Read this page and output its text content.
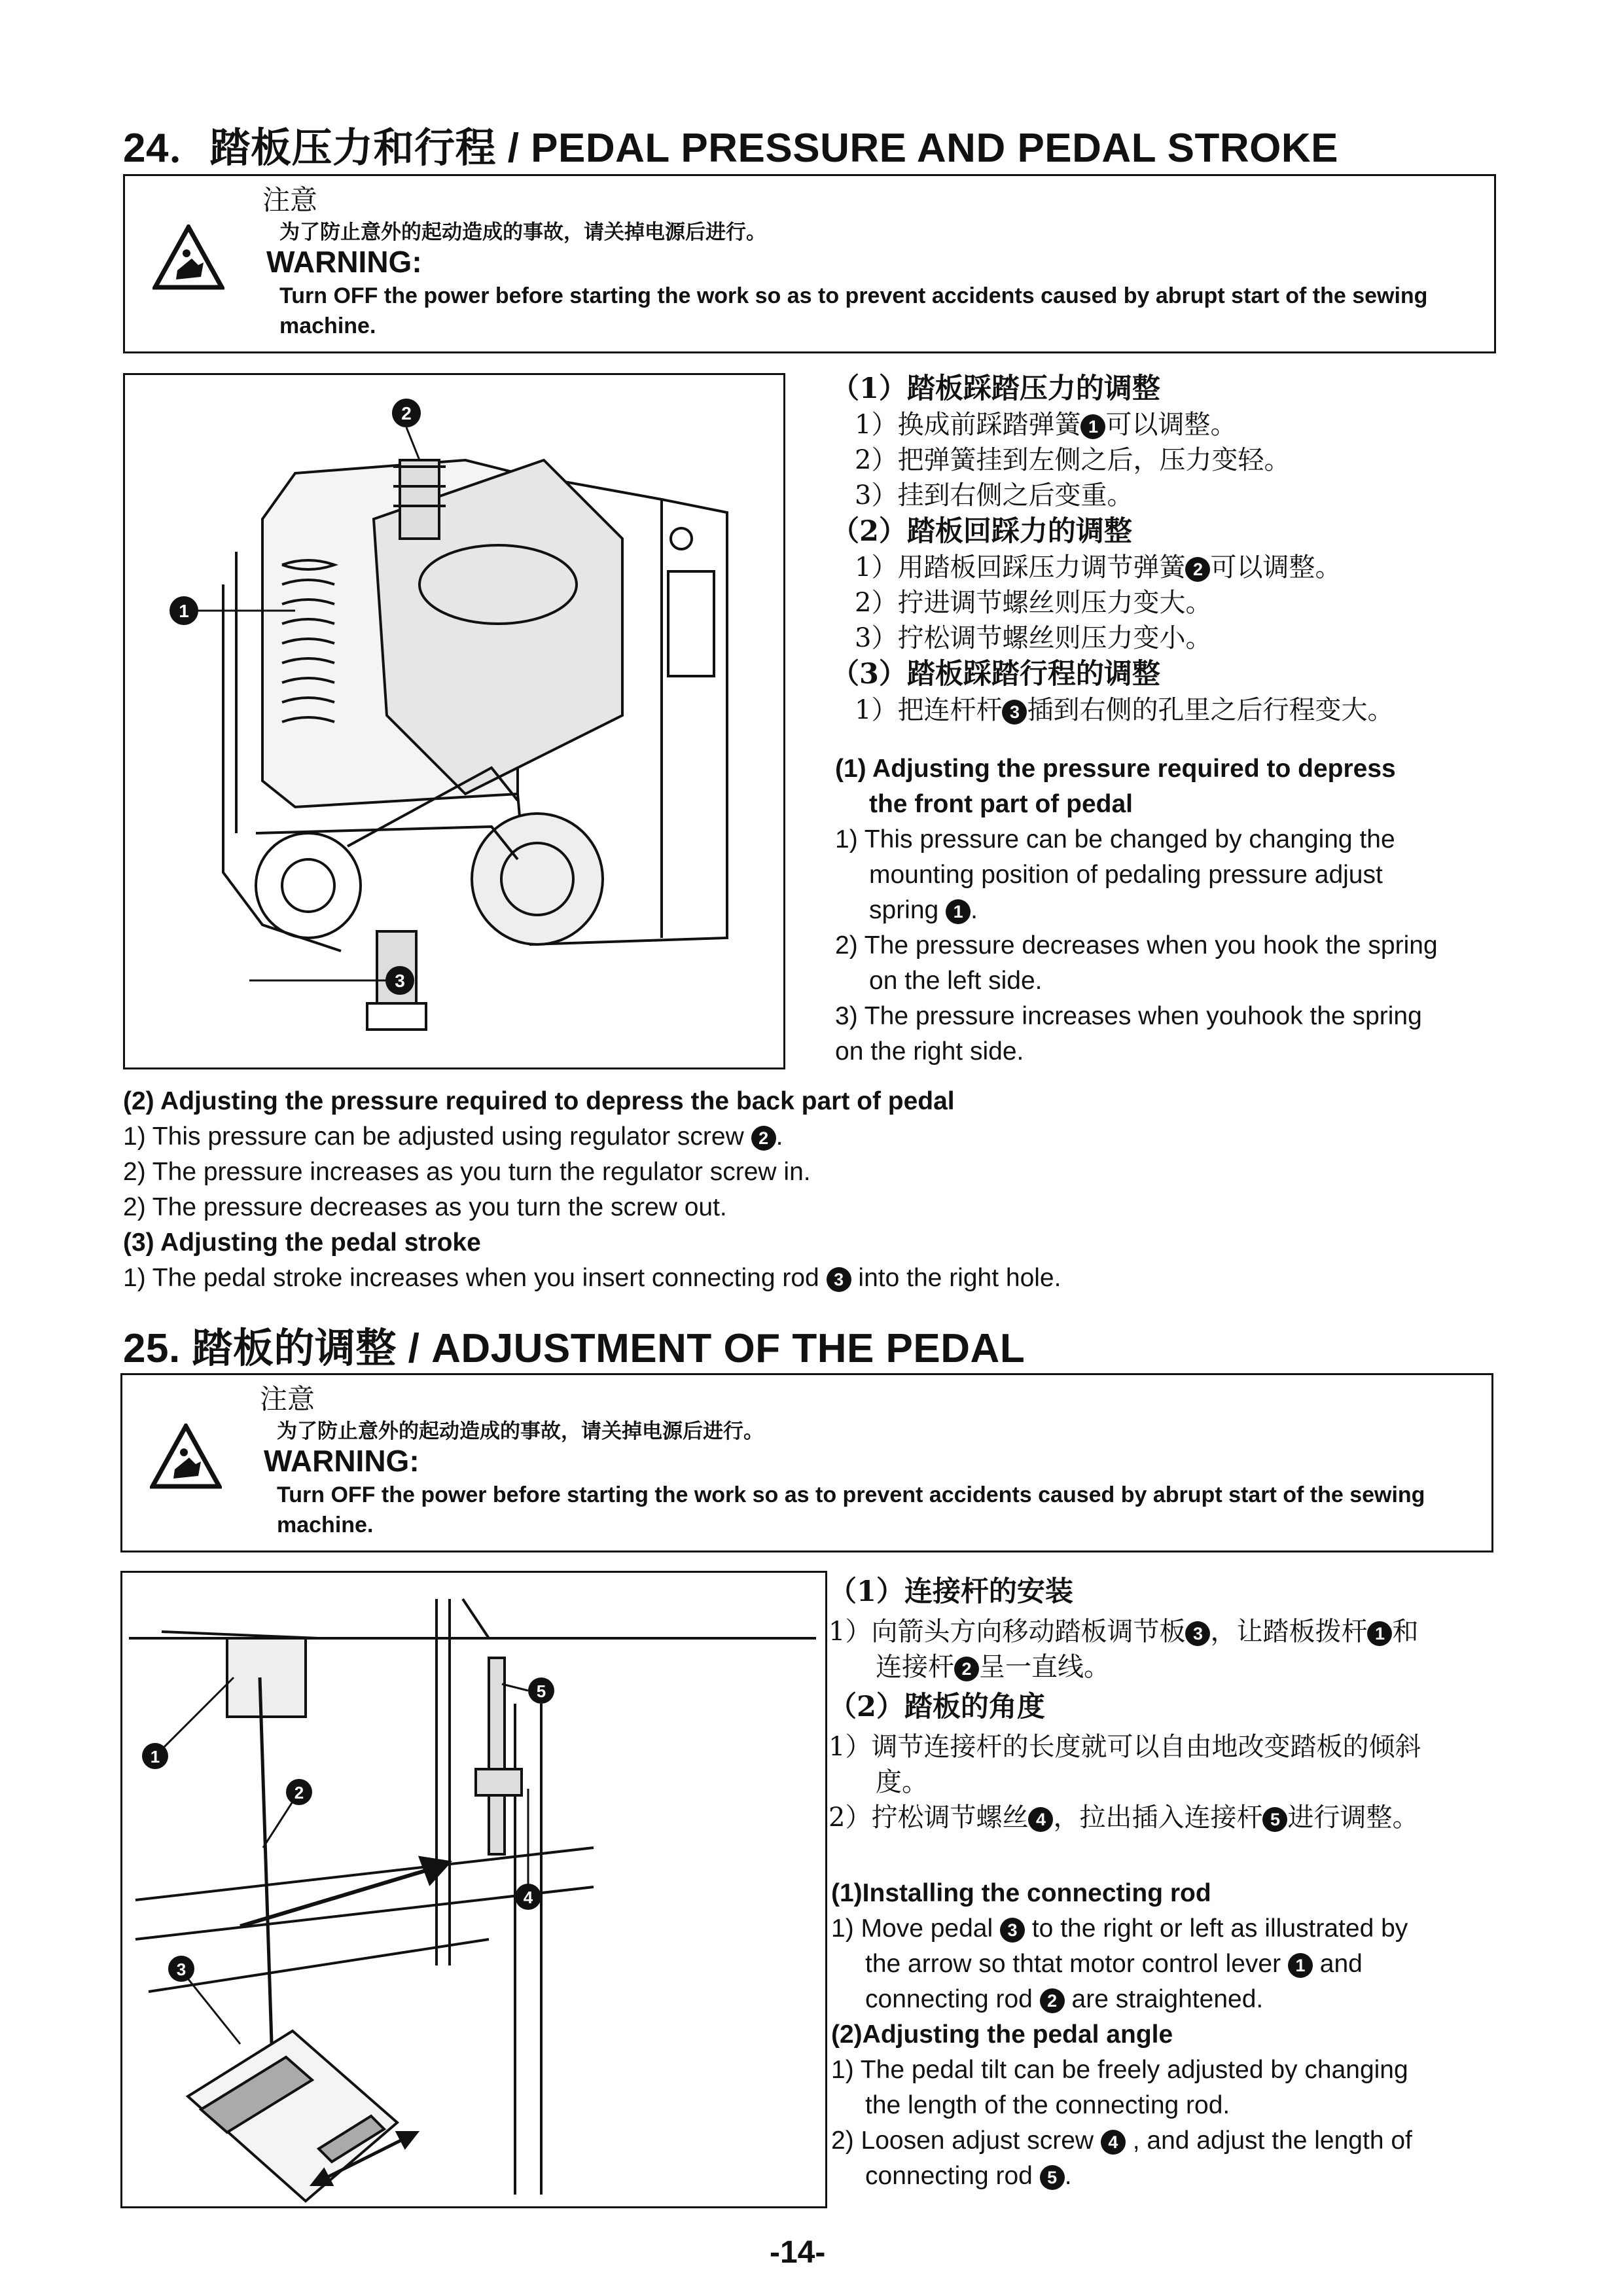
24．踏板压力和行程 / PEDAL PRESSURE AND PEDAL STROKE
注意
为了防止意外的起动造成的事故，请关掉电源后进行。
WARNING:
Turn OFF the power before starting the work so as to prevent accidents caused by abrupt start of the sewing machine.
1
2
3
（1）踏板踩踏压力的调整
1）换成前踩踏弹簧 1 可以调整。
2）把弹簧挂到左侧之后，压力变轻。
3）挂到右侧之后变重。
（2）踏板回踩力的调整
1）用踏板回踩压力调节弹簧 2 可以调整。
2）拧进调节螺丝则压力变大。
3）拧松调节螺丝则压力变小。
（3）踏板踩踏行程的调整
1）把连杆杆 3 插到右侧的孔里之后行程变大。
(1) Adjusting the pressure required to depress
the front part of pedal
1) This pressure can be changed by changing the
mounting position of pedaling pressure adjust
spring 1 .
2) The pressure decreases when you hook the spring
on the left side.
3) The pressure increases when youhook the spring
on the right side.
(2) Adjusting the pressure required to depress the back part of pedal
1) This pressure can be adjusted using regulator screw 2 .
2) The pressure increases as you turn the regulator screw in.
2) The pressure decreases as you turn the screw out.
(3) Adjusting the pedal stroke
1) The pedal stroke increases when you insert connecting rod 3 into the right hole.
25. 踏板的调整 / ADJUSTMENT OF THE PEDAL
注意
为了防止意外的起动造成的事故，请关掉电源后进行。
WARNING:
Turn OFF the power before starting the work so as to prevent accidents caused by abrupt start of the sewing machine.
1
2
3
4
5
（1）连接杆的安装
1）向箭头方向移动踏板调节板 3 ，让踏板拨杆 1 和
连接杆 2 呈一直线。
（2）踏板的角度
1）调节连接杆的长度就可以自由地改变踏板的倾斜
度。
2）拧松调节螺丝 4 ，拉出插入连接杆 5 进行调整。
(1)Installing the connecting rod
1) Move pedal 3 to the right or left as illustrated by
the arrow so thtat motor control lever 1 and
connecting rod 2 are straightened.
(2)Adjusting the pedal angle
1) The pedal tilt can be freely adjusted by changing
the length of the connecting rod.
2) Loosen adjust screw 4 , and adjust the length of
connecting rod 5 .
-14-
